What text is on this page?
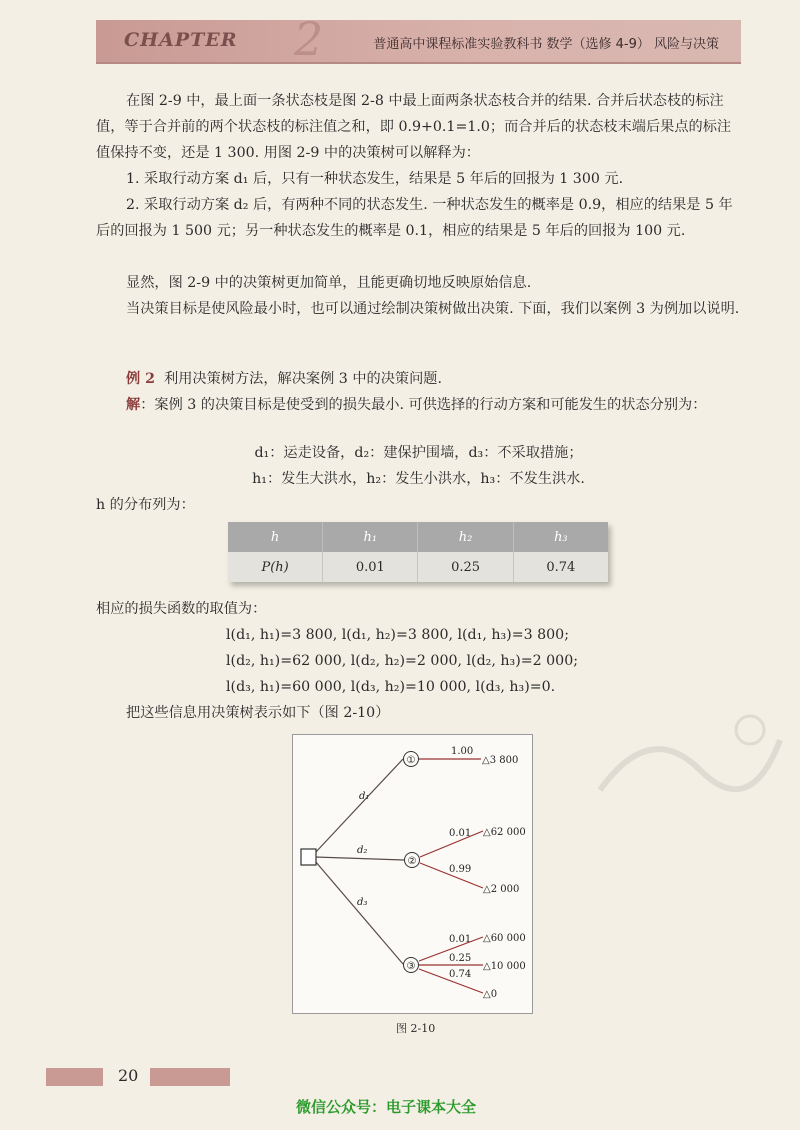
2
CHAPTER	普通高中课程标准实验教科书 数学（选修 4-9） 风险与决策

在图 2-9 中，最上面一条状态枝是图 2-8 中最上面两条状态枝合并的结果. 合并后状态枝的标注值，等于合并前的两个状态枝的标注值之和，即 0.9+0.1=1.0；而合并后的状态枝末端后果点的标注值保持不变，还是 1 300. 用图 2-9 中的决策树可以解释为：

1. 采取行动方案 d₁ 后，只有一种状态发生，结果是 5 年后的回报为 1 300 元.

2. 采取行动方案 d₂ 后，有两种不同的状态发生. 一种状态发生的概率是 0.9，相应的结果是 5 年后的回报为 1 500 元；另一种状态发生的概率是 0.1，相应的结果是 5 年后的回报为 100 元.

显然，图 2-9 中的决策树更加简单，且能更确切地反映原始信息.

当决策目标是使风险最小时，也可以通过绘制决策树做出决策. 下面，我们以案例 3 为例加以说明.

例 2 利用决策树方法，解决案例 3 中的决策问题.

解：案例 3 的决策目标是使受到的损失最小. 可供选择的行动方案和可能发生的状态分别为：

d₁：运走设备，d₂：建保护围墙，d₃：不采取措施；
h₁：发生大洪水，h₂：发生小洪水，h₃：不发生洪水.

h 的分布列为：

h	h₁	h₂	h₃
P(h)	0.01	0.25	0.74

相应的损失函数的取值为：

l(d₁, h₁)=3 800, l(d₁, h₂)=3 800, l(d₁, h₃)=3 800;
l(d₂, h₁)=62 000, l(d₂, h₂)=2 000, l(d₂, h₃)=2 000;
l(d₃, h₁)=60 000, l(d₃, h₂)=10 000, l(d₃, h₃)=0.

把这些信息用决策树表示如下（图 2-10）

①
②
③
d₁
d₂
d₃
1.00
0.01
0.99
0.01
0.25
0.74
△3 800
△62 000
△2 000
△60 000
△10 000
△0
图 2-10
20
微信公众号：电子课本大全
